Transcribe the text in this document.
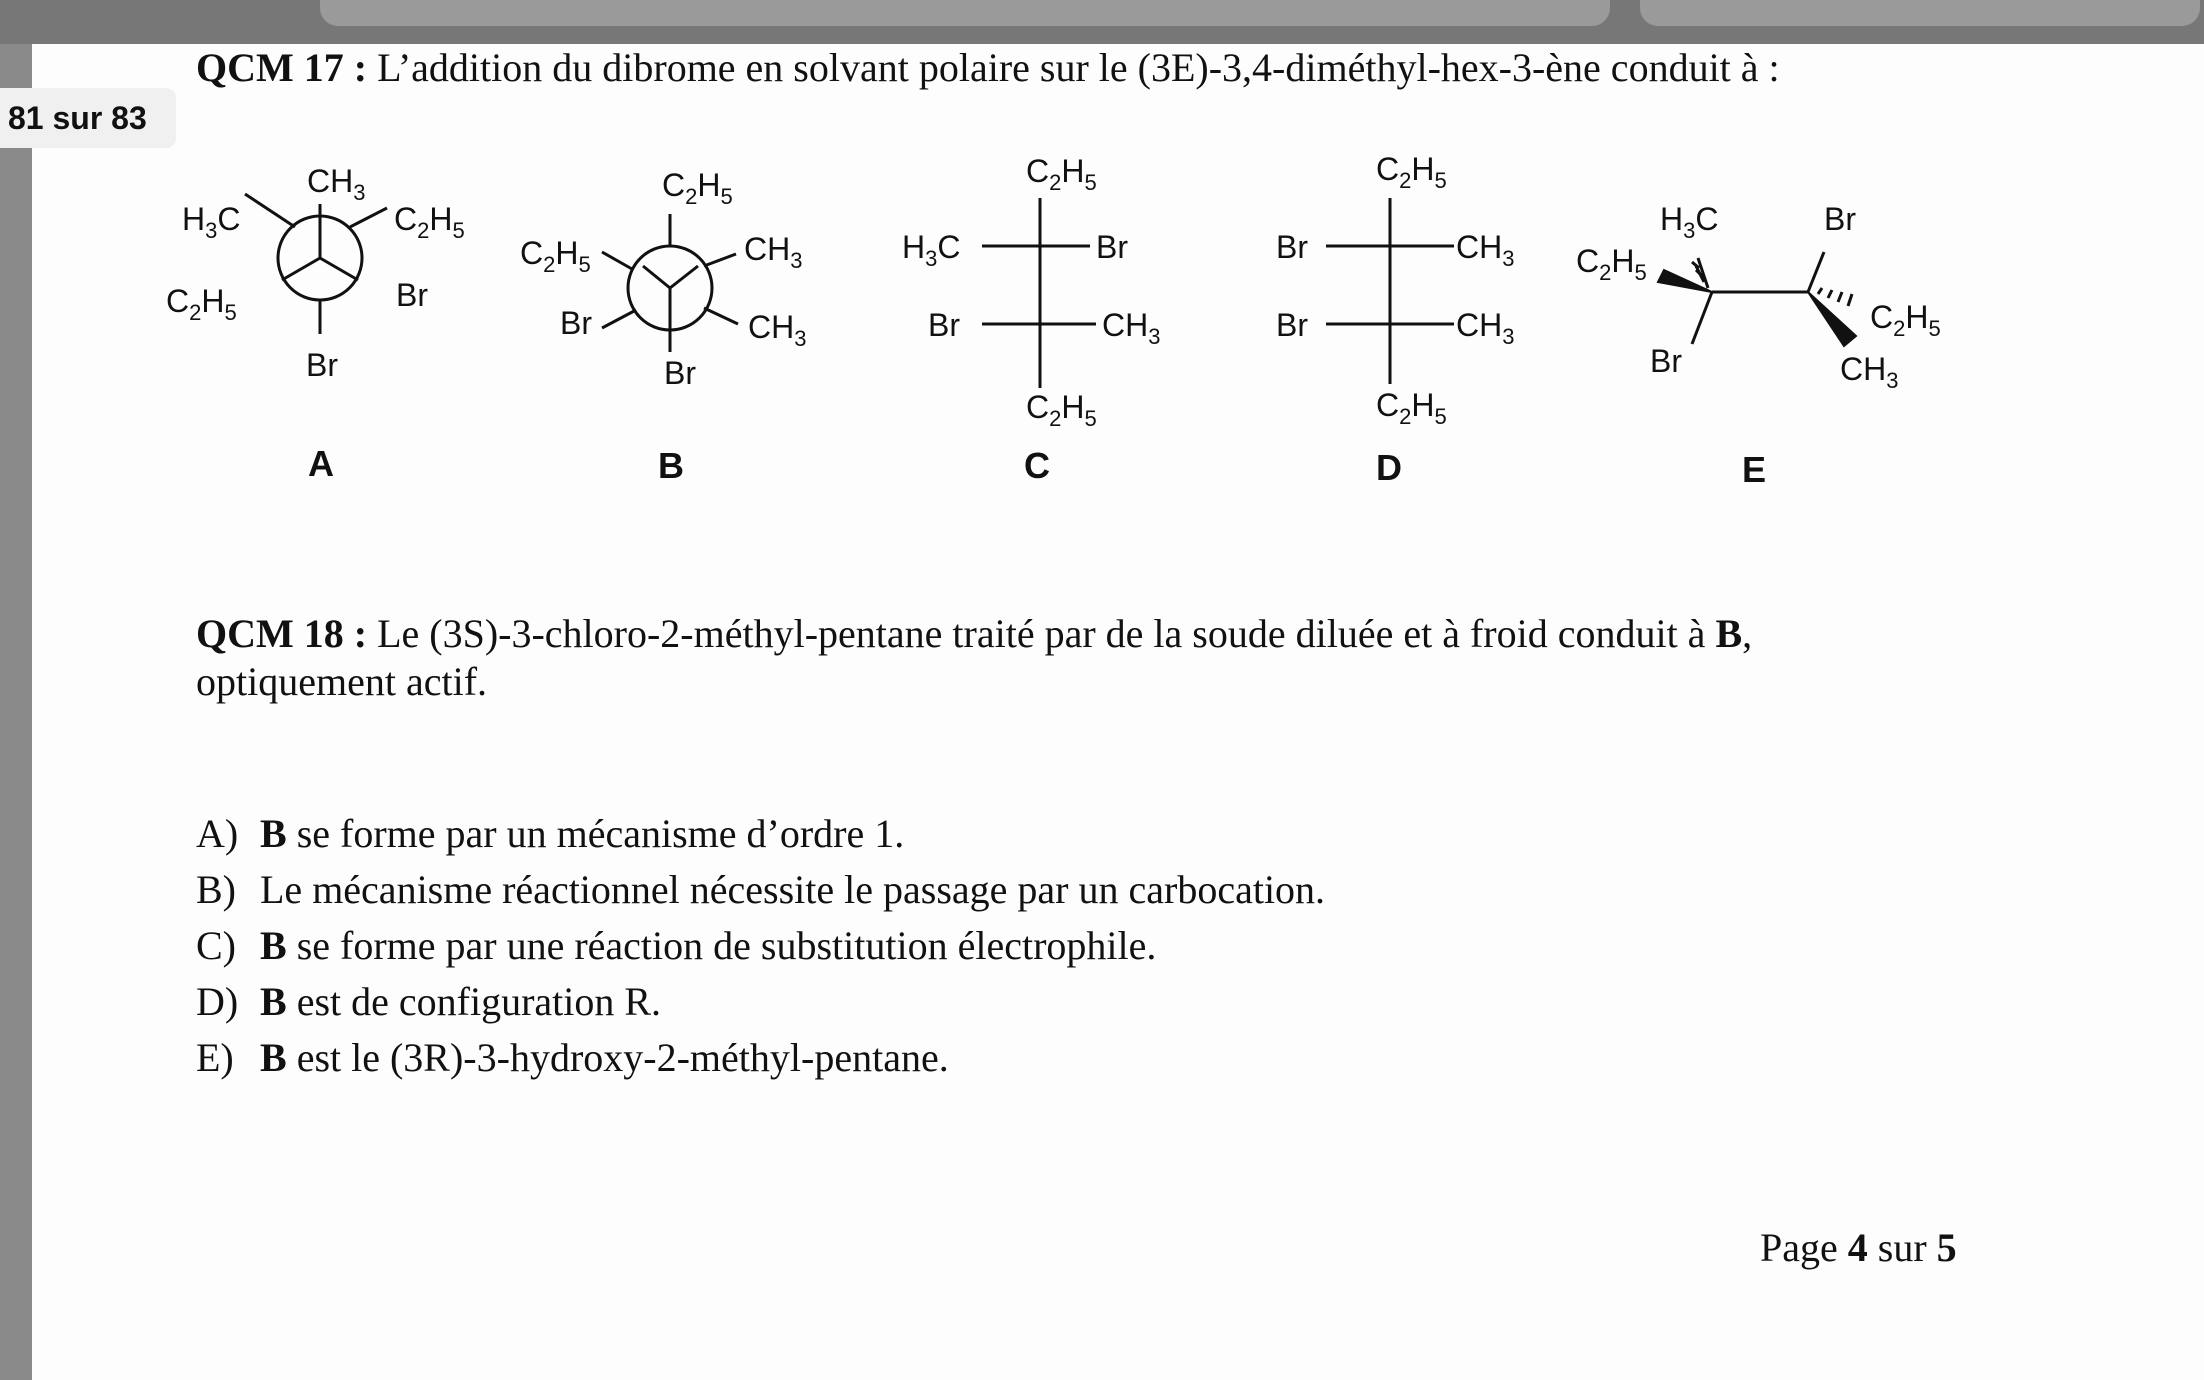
QCM 17 : L’addition du dibrome en solvant polaire sur le (3E)-3,4-diméthyl-hex-3-ène conduit à :
$CH_3$
$H_3C$	$C_2H_5$
$C_2H_5$	Br
Br
A
$C_2H_5$
$C_2H_5$	$CH_3$
Br	$CH_3$
Br
B
$C_2H_5$
$H_3C$	Br
Br	$CH_3$
$C_2H_5$
C
$C_2H_5$
Br	$CH_3$
Br	$CH_3$
$C_2H_5$
D
$H_3C$
$C_2H_5$
Br
Br
$C_2H_5$
$CH_3$
E
QCM 18 : Le (3S)-3-chloro-2-méthyl-pentane traité par de la soude diluée et à froid conduit à B,
optiquement actif.
A) B se forme par un mécanisme d’ordre 1.
B) Le mécanisme réactionnel nécessite le passage par un carbocation.
C) B se forme par une réaction de substitution électrophile.
D) B est de configuration R.
E) B est le (3R)-3-hydroxy-2-méthyl-pentane.
Page 4 sur 5
81 sur 83
